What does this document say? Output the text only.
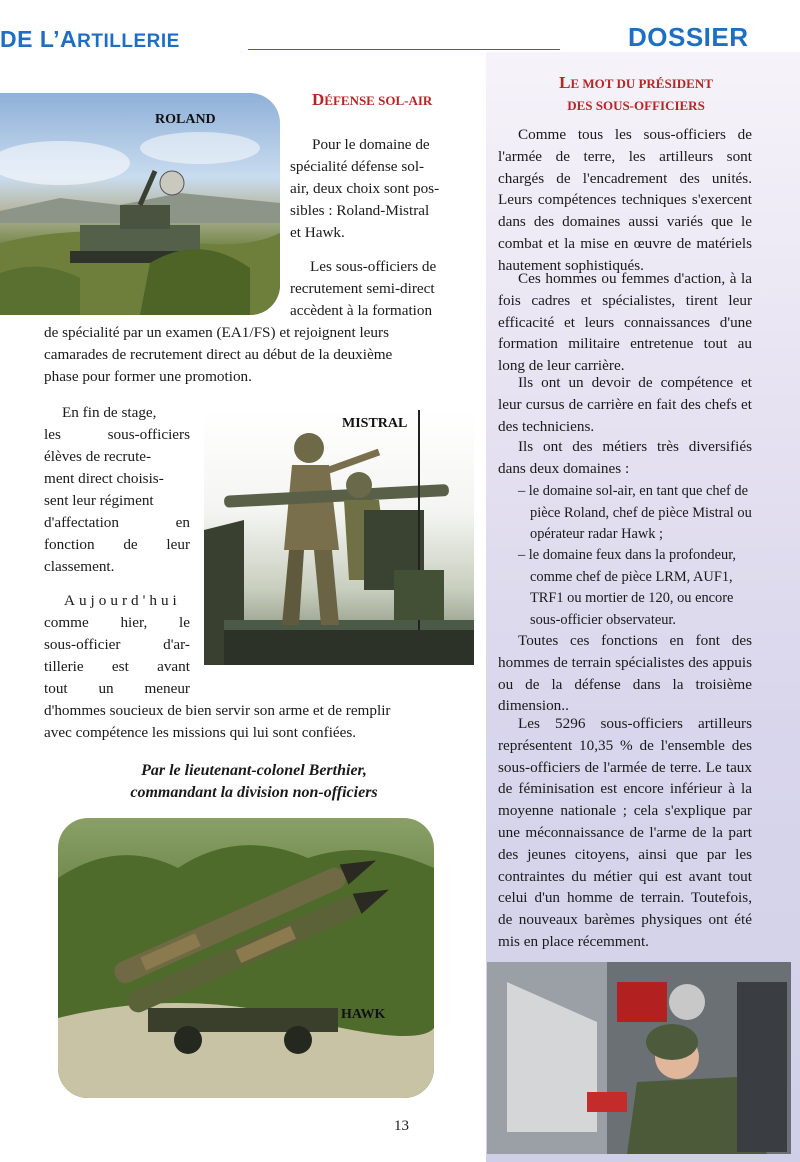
DE L’ARTILLERIE	DOSSIER
ROLAND
DÉFENSE SOL-AIR
Pour le domaine de
spécialité défense sol-
air, deux choix sont pos-
sibles : Roland-Mistral
et Hawk.
Les sous-officiers de
recrutement semi-direct
accèdent à la formation
de spécialité par un examen (EA1/FS) et rejoignent leurs
camarades de recrutement direct au début de la deuxième
phase pour former une promotion.
MISTRAL
En fin de stage,
les sous-officiers
élèves de recrute-
ment direct choisis-
sent leur régiment
d'affectation en
fonction de leur
classement.
Aujourd'hui
comme hier, le
sous-officier d'ar-
tillerie est avant
tout un meneur
d'hommes soucieux de bien servir son arme et de remplir
avec compétence les missions qui lui sont confiées.
Par le lieutenant-colonel Berthier,
commandant la division non-officiers
HAWK
LE MOT DU PRÉSIDENT
DES SOUS-OFFICIERS

Comme tous les sous-officiers de l'armée de terre, les artilleurs sont chargés de l'encadrement des unités. Leurs compétences techniques s'exercent dans des domaines aussi variés que le combat et la mise en œuvre de matériels hautement sophistiqués.

Ces hommes ou femmes d'action, à la fois cadres et spécialistes, tirent leur efficacité et leurs connaissances d'une formation militaire entretenue tout au long de leur carrière.

Ils ont un devoir de compétence et leur cursus de carrière en fait des chefs et des techniciens.

Ils ont des métiers très diversifiés dans deux domaines :

– le domaine sol-air, en tant que chef de pièce Roland, chef de pièce Mistral ou opérateur radar Hawk ;

– le domaine feux dans la profondeur, comme chef de pièce LRM, AUF1, TRF1 ou mortier de 120, ou encore sous-officier observateur.

Toutes ces fonctions en font des hommes de terrain spécialistes des appuis ou de la défense dans la troisième dimension..

Les 5296 sous-officiers artilleurs représentent 10,35 % de l'ensemble des sous-officiers de l'armée de terre. Le taux de féminisation est encore inférieur à la moyenne nationale ; cela s'explique par une méconnaissance de l'arme de la part des jeunes citoyens, ainsi que par les contraintes du métier qui est avant tout celui d'un homme de terrain. Toutefois, de nouveaux barèmes physiques ont été mis en place récemment.

13
